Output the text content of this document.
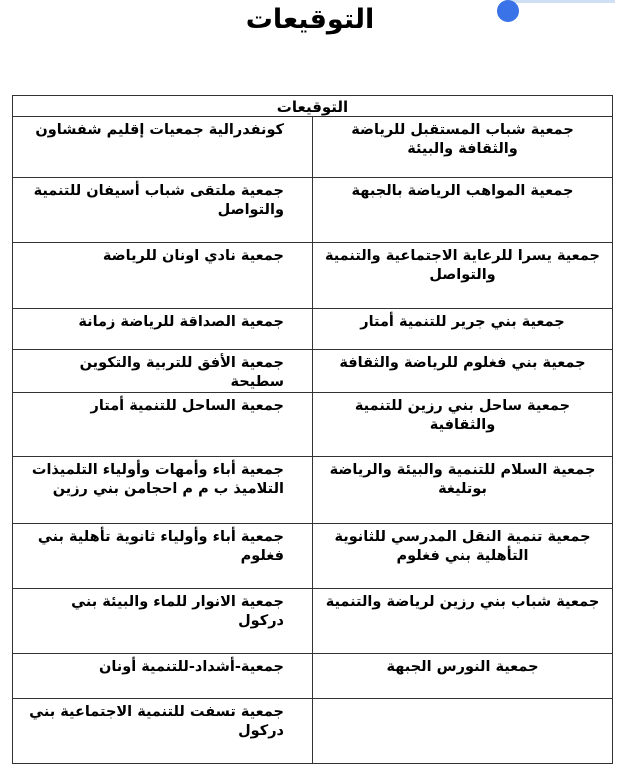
التوقيعات
التوقيعات	
جمعية شباب المستقبل للرياضة والثقافة والبيئة	كونفدرالية جمعيات إقليم شفشاون
جمعية المواهب الرياضة بالجبهة	جمعية ملتقى شباب أسيفان للتنمية والتواصل
جمعية يسرا للرعاية الاجتماعية والتنمية والتواصل	جمعية نادي اونان للرياضة
جمعية بني جرير للتنمية أمتار	جمعية الصداقة للرياضة زمانة
جمعية بني فغلوم للرياضة والثقافة	جمعية الأفق للتربية والتكوين سطيحة
جمعية ساحل بني رزين للتنمية والثقافية	جمعية الساحل للتنمية أمتار
جمعية السلام للتنمية والبيئة والرياضة بوتليغة	جمعية أباء وأمهات وأولياء التلميذات التلاميذ ب م م احجامن بني رزين
جمعية تنمية النقل المدرسي للثانوية التأهلية بني فغلوم	جمعية أباء وأولياء ثانوية تأهلية بني فغلوم
جمعية شباب بني رزين لرياضة والتنمية	جمعية الانوار للماء والبيئة بني دركول
جمعية النورس الجبهة	جمعية-أشداد-للتنمية أونان
	جمعية تسفت للتنمية الاجتماعية بني دركول
